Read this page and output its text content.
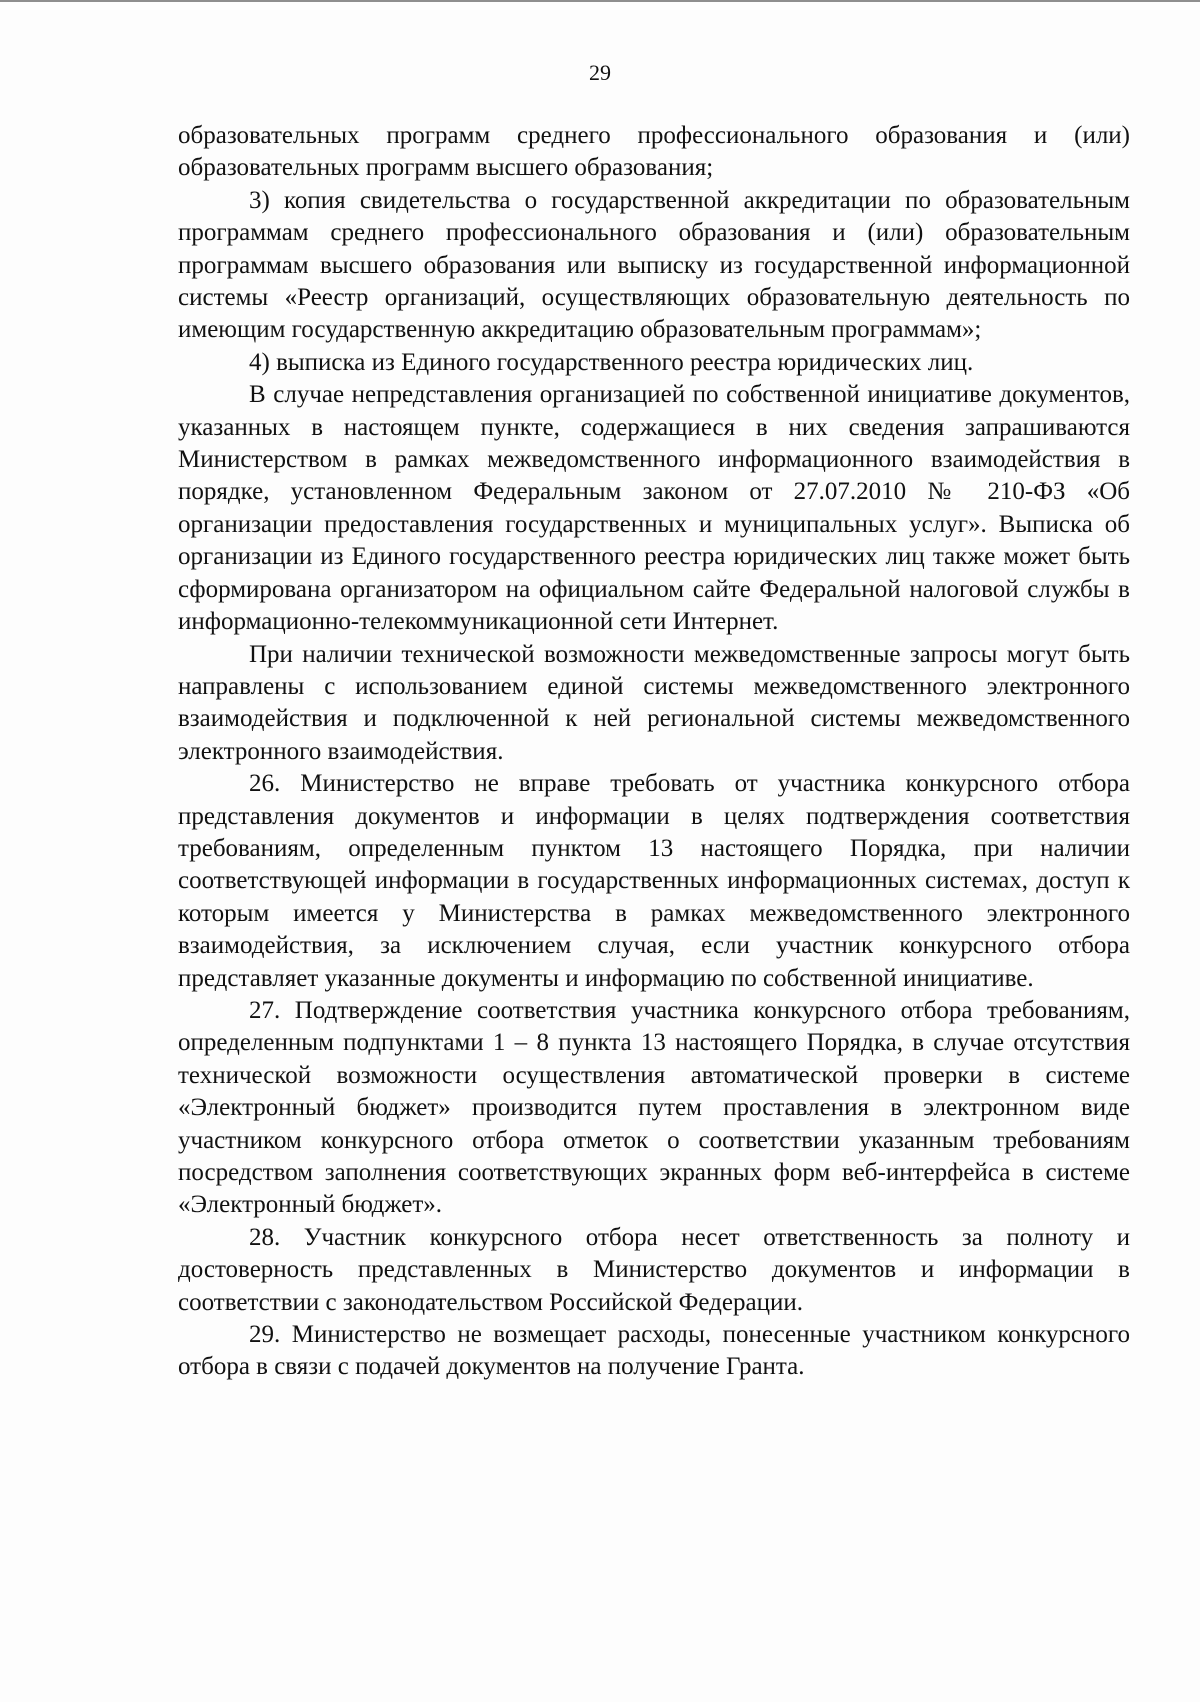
29

образовательных программ среднего профессионального образования и (или) образовательных программ высшего образования;

3) копия свидетельства о государственной аккредитации по образовательным программам среднего профессионального образования и (или) образовательным программам высшего образования или выписку из государственной информационной системы «Реестр организаций, осуществляющих образовательную деятельность по имеющим государственную аккредитацию образовательным программам»;

4) выписка из Единого государственного реестра юридических лиц.

В случае непредставления организацией по собственной инициативе документов, указанных в настоящем пункте, содержащиеся в них сведения запрашиваются Министерством в рамках межведомственного информационного взаимодействия в порядке, установленном Федеральным законом от 27.07.2010 № 210-ФЗ «Об организации предоставления государственных и муниципальных услуг». Выписка об организации из Единого государственного реестра юридических лиц также может быть сформирована организатором на официальном сайте Федеральной налоговой службы в информационно-телекоммуникационной сети Интернет.

При наличии технической возможности межведомственные запросы могут быть направлены с использованием единой системы межведомственного электронного взаимодействия и подключенной к ней региональной системы межведомственного электронного взаимодействия.

26. Министерство не вправе требовать от участника конкурсного отбора представления документов и информации в целях подтверждения соответствия требованиям, определенным пунктом 13 настоящего Порядка, при наличии соответствующей информации в государственных информационных системах, доступ к которым имеется у Министерства в рамках межведомственного электронного взаимодействия, за исключением случая, если участник конкурсного отбора представляет указанные документы и информацию по собственной инициативе.

27. Подтверждение соответствия участника конкурсного отбора требованиям, определенным подпунктами 1 – 8 пункта 13 настоящего Порядка, в случае отсутствия технической возможности осуществления автоматической проверки в системе «Электронный бюджет» производится путем проставления в электронном виде участником конкурсного отбора отметок о соответствии указанным требованиям посредством заполнения соответствующих экранных форм веб-интерфейса в системе «Электронный бюджет».

28. Участник конкурсного отбора несет ответственность за полноту и достоверность представленных в Министерство документов и информации в соответствии с законодательством Российской Федерации.

29. Министерство не возмещает расходы, понесенные участником конкурсного отбора в связи с подачей документов на получение Гранта.
